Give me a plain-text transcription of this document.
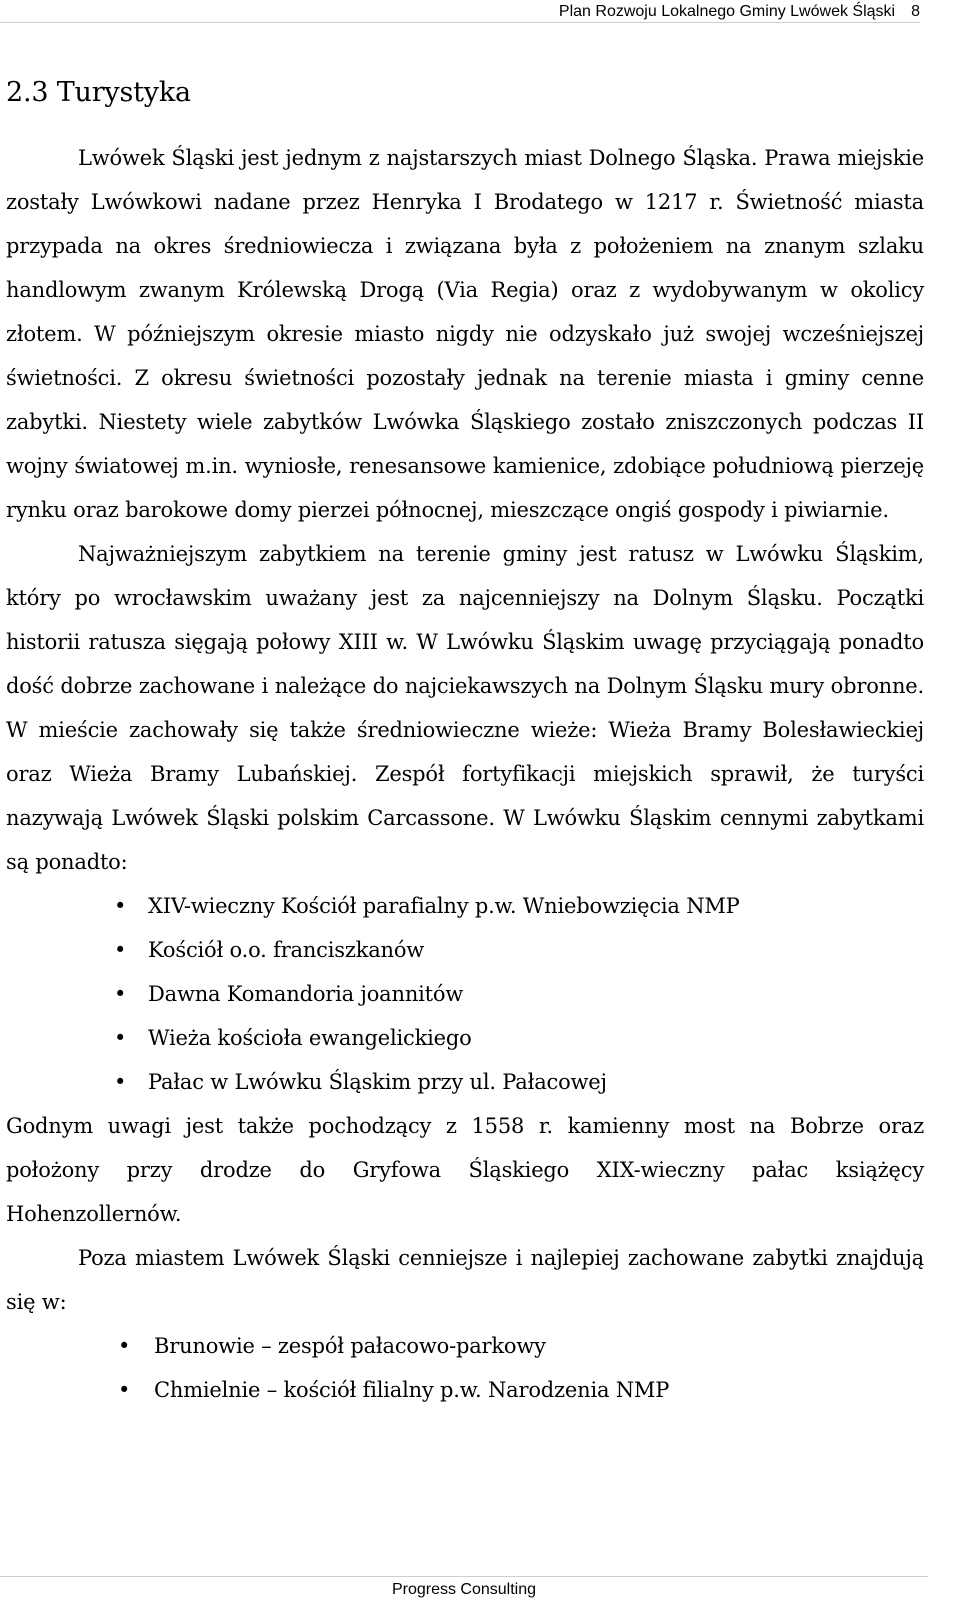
Plan Rozwoju Lokalnego Gminy Lwówek Śląski 8
2.3 Turystyka

Lwówek Śląski jest jednym z najstarszych miast Dolnego Śląska. Prawa miejskie zostały Lwówkowi nadane przez Henryka I Brodatego w 1217 r. Świetność miasta przypada na okres średniowiecza i związana była z położeniem na znanym szlaku handlowym zwanym Królewską Drogą (Via Regia) oraz z wydobywanym w okolicy złotem. W późniejszym okresie miasto nigdy nie odzyskało już swojej wcześniejszej świetności. Z okresu świetności pozostały jednak na terenie miasta i gminy cenne zabytki. Niestety wiele zabytków Lwówka Śląskiego zostało zniszczonych podczas II wojny światowej m.in. wyniosłe, renesansowe kamienice, zdobiące południową pierzeję rynku oraz barokowe domy pierzei północnej, mieszczące ongiś gospody i piwiarnie.

Najważniejszym zabytkiem na terenie gminy jest ratusz w Lwówku Śląskim, który po wrocławskim uważany jest za najcenniejszy na Dolnym Śląsku. Początki historii ratusza sięgają połowy XIII w. W Lwówku Śląskim uwagę przyciągają ponadto dość dobrze zachowane i należące do najciekawszych na Dolnym Śląsku mury obronne. W mieście zachowały się także średniowieczne wieże: Wieża Bramy Bolesławieckiej oraz Wieża Bramy Lubańskiej. Zespół fortyfikacji miejskich sprawił, że turyści nazywają Lwówek Śląski polskim Carcassone. W Lwówku Śląskim cennymi zabytkami są ponadto:

• XIV-wieczny Kościół parafialny p.w. Wniebowzięcia NMP
• Kościół o.o. franciszkanów
• Dawna Komandoria joannitów
• Wieża kościoła ewangelickiego
• Pałac w Lwówku Śląskim przy ul. Pałacowej

Godnym uwagi jest także pochodzący z 1558 r. kamienny most na Bobrze oraz położony przy drodze do Gryfowa Śląskiego XIX-wieczny pałac książęcy Hohenzollernów.

Poza miastem Lwówek Śląski cenniejsze i najlepiej zachowane zabytki znajdują się w:

• Brunowie – zespół pałacowo-parkowy
• Chmielnie – kościół filialny p.w. Narodzenia NMP
Progress Consulting
